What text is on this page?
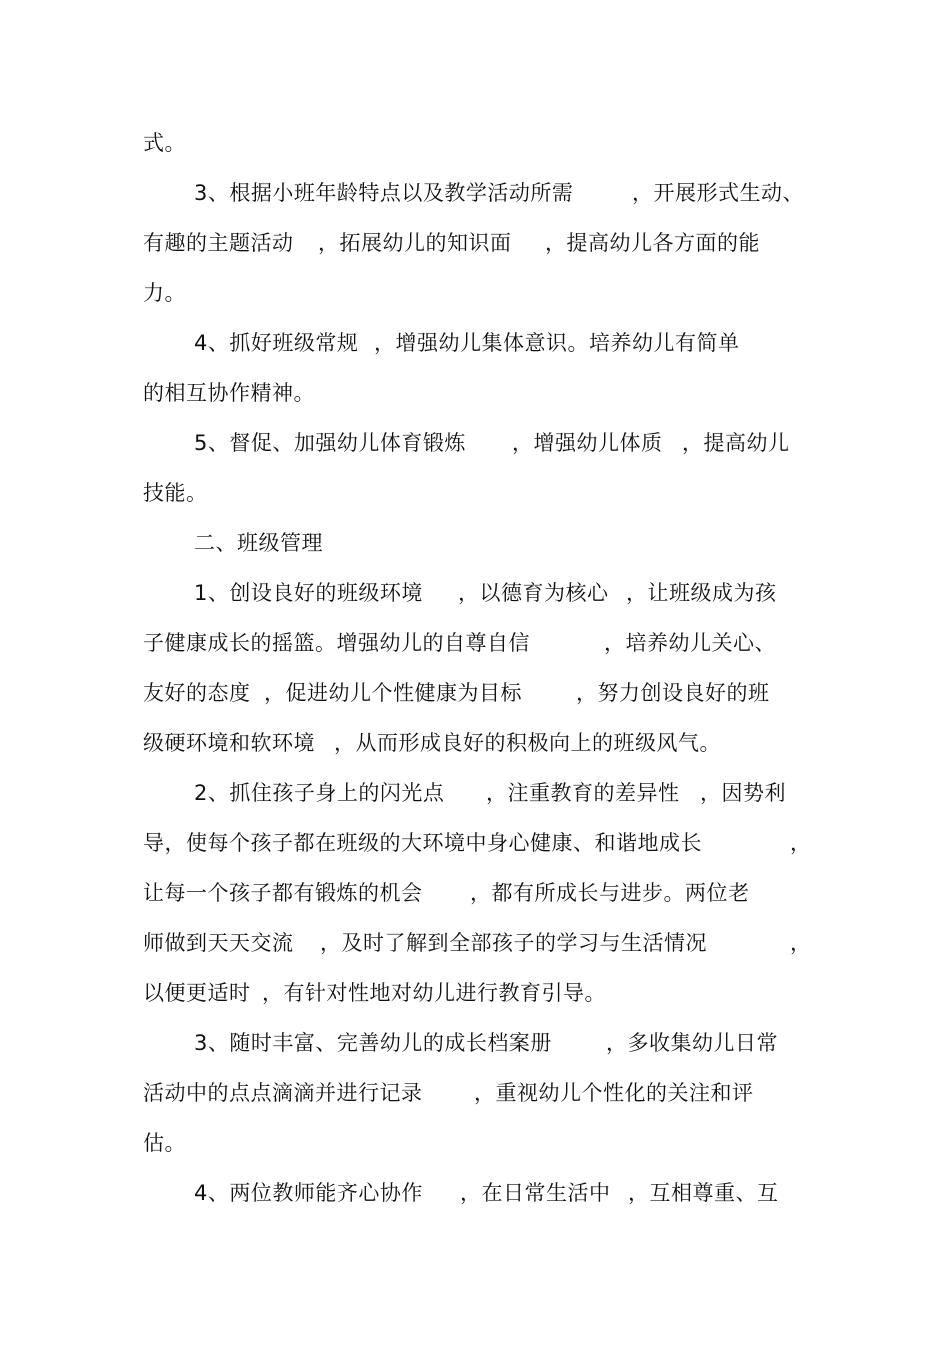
式。
3、根据小班年龄特点以及教学活动所需	，开展形式生动、
有趣的主题活动 ，拓展幼儿的知识面 ，提高幼儿各方面的能
力。
4、抓好班级常规 ，增强幼儿集体意识。培养幼儿有简单
的相互协作精神。
5、督促、加强幼儿体育锻炼 ，增强幼儿体质 ，提高幼儿
技能。
二、班级管理
1、创设良好的班级环境 ，以德育为核心 ，让班级成为孩
子健康成长的摇篮。增强幼儿的自尊自信	，培养幼儿关心、
友好的态度 ，促进幼儿个性健康为目标	，努力创设良好的班
级硬环境和软环境 ，从而形成良好的积极向上的班级风气。
2、抓住孩子身上的闪光点 ，注重教育的差异性 ，因势利
导，使每个孩子都在班级的大环境中身心健康、和谐地成长	，
让每一个孩子都有锻炼的机会 ，都有所成长与进步。两位老
师做到天天交流 ，及时了解到全部孩子的学习与生活情况	，
以便更适时 ，有针对性地对幼儿进行教育引导。
3、随时丰富、完善幼儿的成长档案册	，多收集幼儿日常
活动中的点点滴滴并进行记录 ，重视幼儿个性化的关注和评
估。
4、两位教师能齐心协作 ，在日常生活中 ，互相尊重、互
